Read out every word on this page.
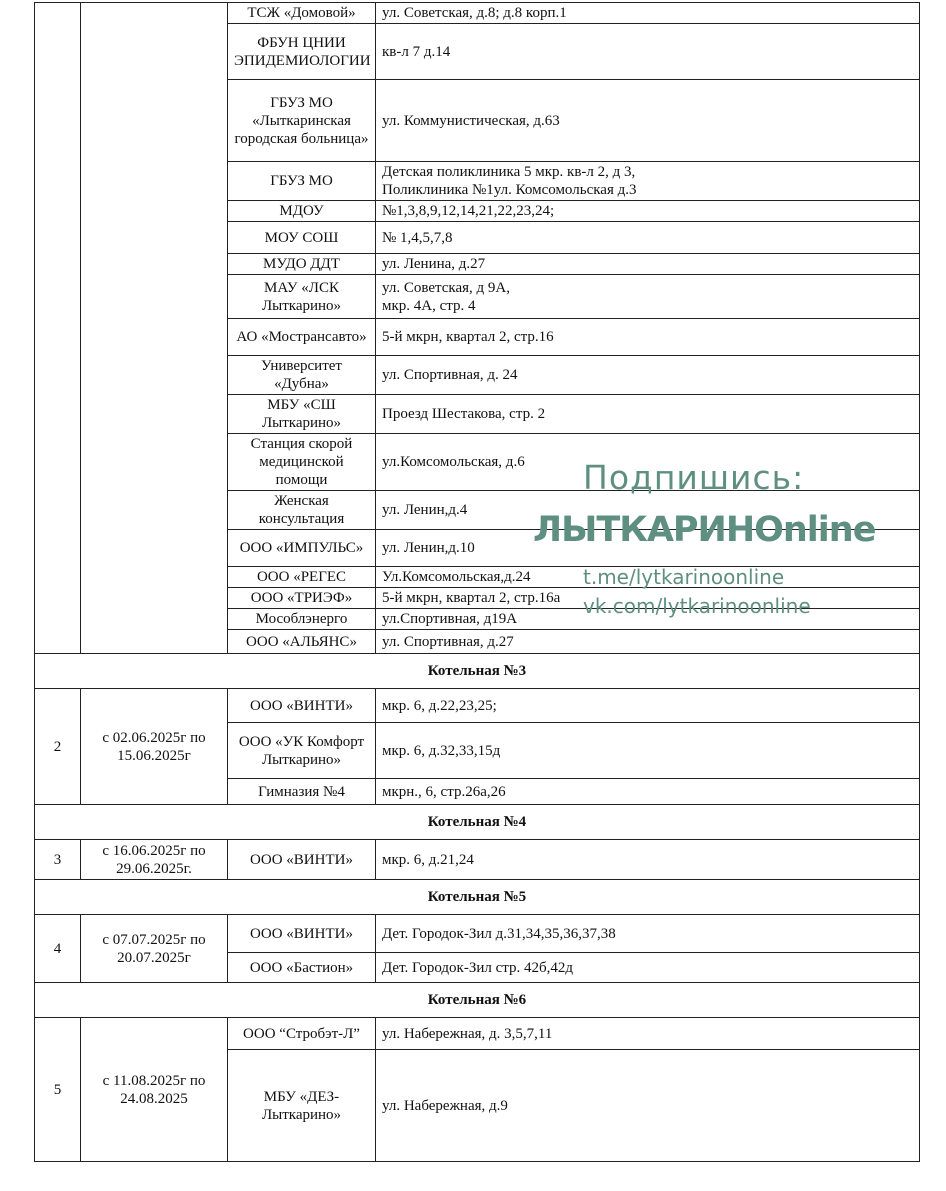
		ТСЖ «Домовой»	ул. Советская, д.8; д.8 корп.1

		ФБУН ЦНИИ ЭПИДЕМИОЛОГИИ	кв-л 7 д.14

		ГБУЗ МО «Лыткаринская городская больница»	ул. Коммунистическая, д.63

		ГБУЗ МО	Детская поликлиника 5 мкр. кв-л 2, д 3,
Поликлиника №1ул. Комсомольская д.3

		МДОУ	№1,3,8,9,12,14,21,22,23,24;

		МОУ СОШ	№ 1,4,5,7,8

		МУДО ДДТ	ул. Ленина, д.27

		МАУ «ЛСК Лыткарино»	ул. Советская, д 9А,
мкр. 4А, стр. 4

		АО «Мострансавто»	5-й мкрн, квартал 2, стр.16

		Университет «Дубна»	ул. Спортивная, д. 24

		МБУ «СШ Лыткарино»	Проезд Шестакова, стр. 2

		Станция скорой медицинской помощи	ул.Комсомольская, д.6

		Женская консультация	ул. Ленин,д.4

		ООО «ИМПУЛЬС»	ул. Ленин,д.10

		ООО «РЕГЕС	Ул.Комсомольская,д.24

		ООО «ТРИЭФ»	5-й мкрн, квартал 2, стр.16а

		Мособлэнерго	ул.Спортивная, д19А

		ООО «АЛЬЯНС»	ул. Спортивная, д.27

Котельная №3			
2	с 02.06.2025г по 15.06.2025г	ООО «ВИНТИ»	мкр. 6, д.22,23,25;
		ООО «УК Комфорт Лыткарино»	мкр. 6, д.32,33,15д
		Гимназия №4	мкрн., 6, стр.26а,26
Котельная №4			
3	с 16.06.2025г по 29.06.2025г.	ООО «ВИНТИ»	мкр. 6, д.21,24
Котельная №5			
4	с 07.07.2025г по 20.07.2025г	ООО «ВИНТИ»	Дет. Городок-Зил д.31,34,35,36,37,38
		ООО «Бастион»	Дет. Городок-Зил стр. 42б,42д
Котельная №6			
5	с 11.08.2025г по 24.08.2025	ООО “Стробэт-Л”	ул. Набережная, д. 3,5,7,11
		МБУ «ДЕЗ-Лыткарино»	ул. Набережная, д.9
Подпишись:
ЛЫТКАРИНOnline
t.me/lytkarinoonline
vk.com/lytkarinoonline
